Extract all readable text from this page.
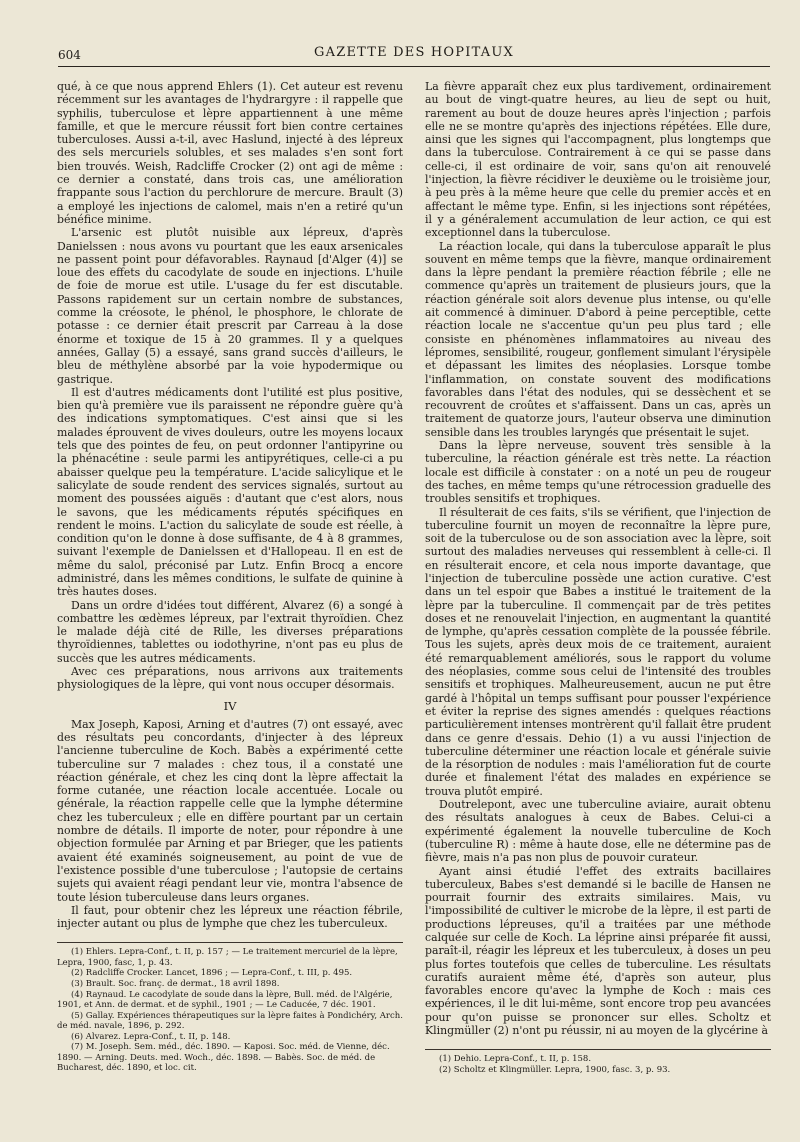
604	GAZETTE DES HOPITAUX

qué, à ce que nous apprend Ehlers (1). Cet auteur est revenu récemment sur les avantages de l'hydrargyre : il rappelle que syphilis, tuberculose et lèpre appartiennent à une même famille, et que le mercure réussit fort bien contre certaines tuberculoses. Aussi a-t-il, avec Haslund, injecté à des lépreux des sels mercuriels solubles, et ses malades s'en sont fort bien trouvés. Weish, Radcliffe Crocker (2) ont agi de même : ce dernier a constaté, dans trois cas, une amélioration frappante sous l'action du perchlorure de mercure. Brault (3) a employé les injections de calomel, mais n'en a retiré qu'un bénéfice minime.

L'arsenic est plutôt nuisible aux lépreux, d'après Danielssen : nous avons vu pourtant que les eaux arsenicales ne passent point pour défavorables. Raynaud [d'Alger (4)] se loue des effets du cacodylate de soude en injections. L'huile de foie de morue est utile. L'usage du fer est discutable. Passons rapidement sur un certain nombre de substances, comme la créosote, le phénol, le phosphore, le chlorate de potasse : ce dernier était prescrit par Carreau à la dose énorme et toxique de 15 à 20 grammes. Il y a quelques années, Gallay (5) a essayé, sans grand succès d'ailleurs, le bleu de méthylène absorbé par la voie hypodermique ou gastrique.

Il est d'autres médicaments dont l'utilité est plus positive, bien qu'à première vue ils paraissent ne répondre guère qu'à des indications symptomatiques. C'est ainsi que si les malades éprouvent de vives douleurs, outre les moyens locaux tels que des pointes de feu, on peut ordonner l'antipyrine ou la phénacétine : seule parmi les antipyrétiques, celle-ci a pu abaisser quelque peu la température. L'acide salicylique et le salicylate de soude rendent des services signalés, surtout au moment des poussées aiguës : d'autant que c'est alors, nous le savons, que les médicaments réputés spécifiques en rendent le moins. L'action du salicylate de soude est réelle, à condition qu'on le donne à dose suffisante, de 4 à 8 grammes, suivant l'exemple de Danielssen et d'Hallopeau. Il en est de même du salol, préconisé par Lutz. Enfin Brocq a encore administré, dans les mêmes conditions, le sulfate de quinine à très hautes doses.

Dans un ordre d'idées tout différent, Alvarez (6) a songé à combattre les œdèmes lépreux, par l'extrait thyroïdien. Chez le malade déjà cité de Rille, les diverses préparations thyroïdiennes, tablettes ou iodothyrine, n'ont pas eu plus de succès que les autres médicaments.

Avec ces préparations, nous arrivons aux traitements physiologiques de la lèpre, qui vont nous occuper désormais.

IV

Max Joseph, Kaposi, Arning et d'autres (7) ont essayé, avec des résultats peu concordants, d'injecter à des lépreux l'ancienne tuberculine de Koch. Babès a expérimenté cette tuberculine sur 7 malades : chez tous, il a constaté une réaction générale, et chez les cinq dont la lèpre affectait la forme cutanée, une réaction locale accentuée. Locale ou générale, la réaction rappelle celle que la lymphe détermine chez les tuberculeux ; elle en diffère pourtant par un certain nombre de détails. Il importe de noter, pour répondre à une objection formulée par Arning et par Brieger, que les patients avaient été examinés soigneusement, au point de vue de l'existence possible d'une tuberculose ; l'autopsie de certains sujets qui avaient réagi pendant leur vie, montra l'absence de toute lésion tuberculeuse dans leurs organes.

Il faut, pour obtenir chez les lépreux une réaction fébrile, injecter autant ou plus de lymphe que chez les tuberculeux.

(1) Ehlers. Lepra-Conf., t. II, p. 157 ; — Le traitement mercuriel de la lèpre, Lepra, 1900, fasc, 1, p. 43.

(2) Radcliffe Crocker. Lancet, 1896 ; — Lepra-Conf., t. III, p. 495.

(3) Brault. Soc. franç. de dermat., 18 avril 1898.

(4) Raynaud. Le cacodylate de soude dans la lèpre, Bull. méd. de l'Algérie, 1901, et Ann. de dermat. et de syphil., 1901 ; — Le Caducée, 7 déc. 1901.

(5) Gallay. Expériences thérapeutiques sur la lèpre faites à Pondichéry, Arch. de méd. navale, 1896, p. 292.

(6) Alvarez. Lepra-Conf., t. II, p. 148.

(7) M. Joseph. Sem. méd., déc. 1890. — Kaposi. Soc. méd. de Vienne, déc. 1890. — Arning. Deuts. med. Woch., déc. 1898. — Babès. Soc. de méd. de Bucharest, déc. 1890, et loc. cit.

La fièvre apparaît chez eux plus tardivement, ordinairement au bout de vingt-quatre heures, au lieu de sept ou huit, rarement au bout de douze heures après l'injection ; parfois elle ne se montre qu'après des injections répétées. Elle dure, ainsi que les signes qui l'accompagnent, plus longtemps que dans la tuberculose. Contrairement à ce qui se passe dans celle-ci, il est ordinaire de voir, sans qu'on ait renouvelé l'injection, la fièvre récidiver le deuxième ou le troisième jour, à peu près à la même heure que celle du premier accès et en affectant le même type. Enfin, si les injections sont répétées, il y a généralement accumulation de leur action, ce qui est exceptionnel dans la tuberculose.

La réaction locale, qui dans la tuberculose apparaît le plus souvent en même temps que la fièvre, manque ordinairement dans la lèpre pendant la première réaction fébrile ; elle ne commence qu'après un traitement de plusieurs jours, que la réaction générale soit alors devenue plus intense, ou qu'elle ait commencé à diminuer. D'abord à peine perceptible, cette réaction locale ne s'accentue qu'un peu plus tard ; elle consiste en phénomènes inflammatoires au niveau des lépromes, sensibilité, rougeur, gonflement simulant l'érysipèle et dépassant les limites des néoplasies. Lorsque tombe l'inflammation, on constate souvent des modifications favorables dans l'état des nodules, qui se dessèchent et se recouvrent de croûtes et s'affaissent. Dans un cas, après un traitement de quatorze jours, l'auteur observa une diminution sensible dans les troubles laryngés que présentait le sujet.

Dans la lèpre nerveuse, souvent très sensible à la tuberculine, la réaction générale est très nette. La réaction locale est difficile à constater : on a noté un peu de rougeur des taches, en même temps qu'une rétrocession graduelle des troubles sensitifs et trophiques.

Il résulterait de ces faits, s'ils se vérifient, que l'injection de tuberculine fournit un moyen de reconnaître la lèpre pure, soit de la tuberculose ou de son association avec la lèpre, soit surtout des maladies nerveuses qui ressemblent à celle-ci. Il en résulterait encore, et cela nous importe davantage, que l'injection de tuberculine possède une action curative. C'est dans un tel espoir que Babes a institué le traitement de la lèpre par la tuberculine. Il commençait par de très petites doses et ne renouvelait l'injection, en augmentant la quantité de lymphe, qu'après cessation complète de la poussée fébrile. Tous les sujets, après deux mois de ce traitement, auraient été remarquablement améliorés, sous le rapport du volume des néoplasies, comme sous celui de l'intensité des troubles sensitifs et trophiques. Malheureusement, aucun ne put être gardé à l'hôpital un temps suffisant pour pousser l'expérience et éviter la reprise des signes amendés : quelques réactions particulièrement intenses montrèrent qu'il fallait être prudent dans ce genre d'essais. Dehio (1) a vu aussi l'injection de tuberculine déterminer une réaction locale et générale suivie de la résorption de nodules : mais l'amélioration fut de courte durée et finalement l'état des malades en expérience se trouva plutôt empiré.

Doutrelepont, avec une tuberculine aviaire, aurait obtenu des résultats analogues à ceux de Babes. Celui-ci a expérimenté également la nouvelle tuberculine de Koch (tuberculine R) : même à haute dose, elle ne détermine pas de fièvre, mais n'a pas non plus de pouvoir curateur.

Ayant ainsi étudié l'effet des extraits bacillaires tuberculeux, Babes s'est demandé si le bacille de Hansen ne pourrait fournir des extraits similaires. Mais, vu l'impossibilité de cultiver le microbe de la lèpre, il est parti de productions lépreuses, qu'il a traitées par une méthode calquée sur celle de Koch. La léprine ainsi préparée fit aussi, paraît-il, réagir les lépreux et les tuberculeux, à doses un peu plus fortes toutefois que celles de tuberculine. Les résultats curatifs auraient même été, d'après son auteur, plus favorables encore qu'avec la lymphe de Koch : mais ces expériences, il le dit lui-même, sont encore trop peu avancées pour qu'on puisse se prononcer sur elles. Scholtz et Klingmüller (2) n'ont pu réussir, ni au moyen de la glycérine à

(1) Dehio. Lepra-Conf., t. II, p. 158.

(2) Scholtz et Klingmüller. Lepra, 1900, fasc. 3, p. 93.
